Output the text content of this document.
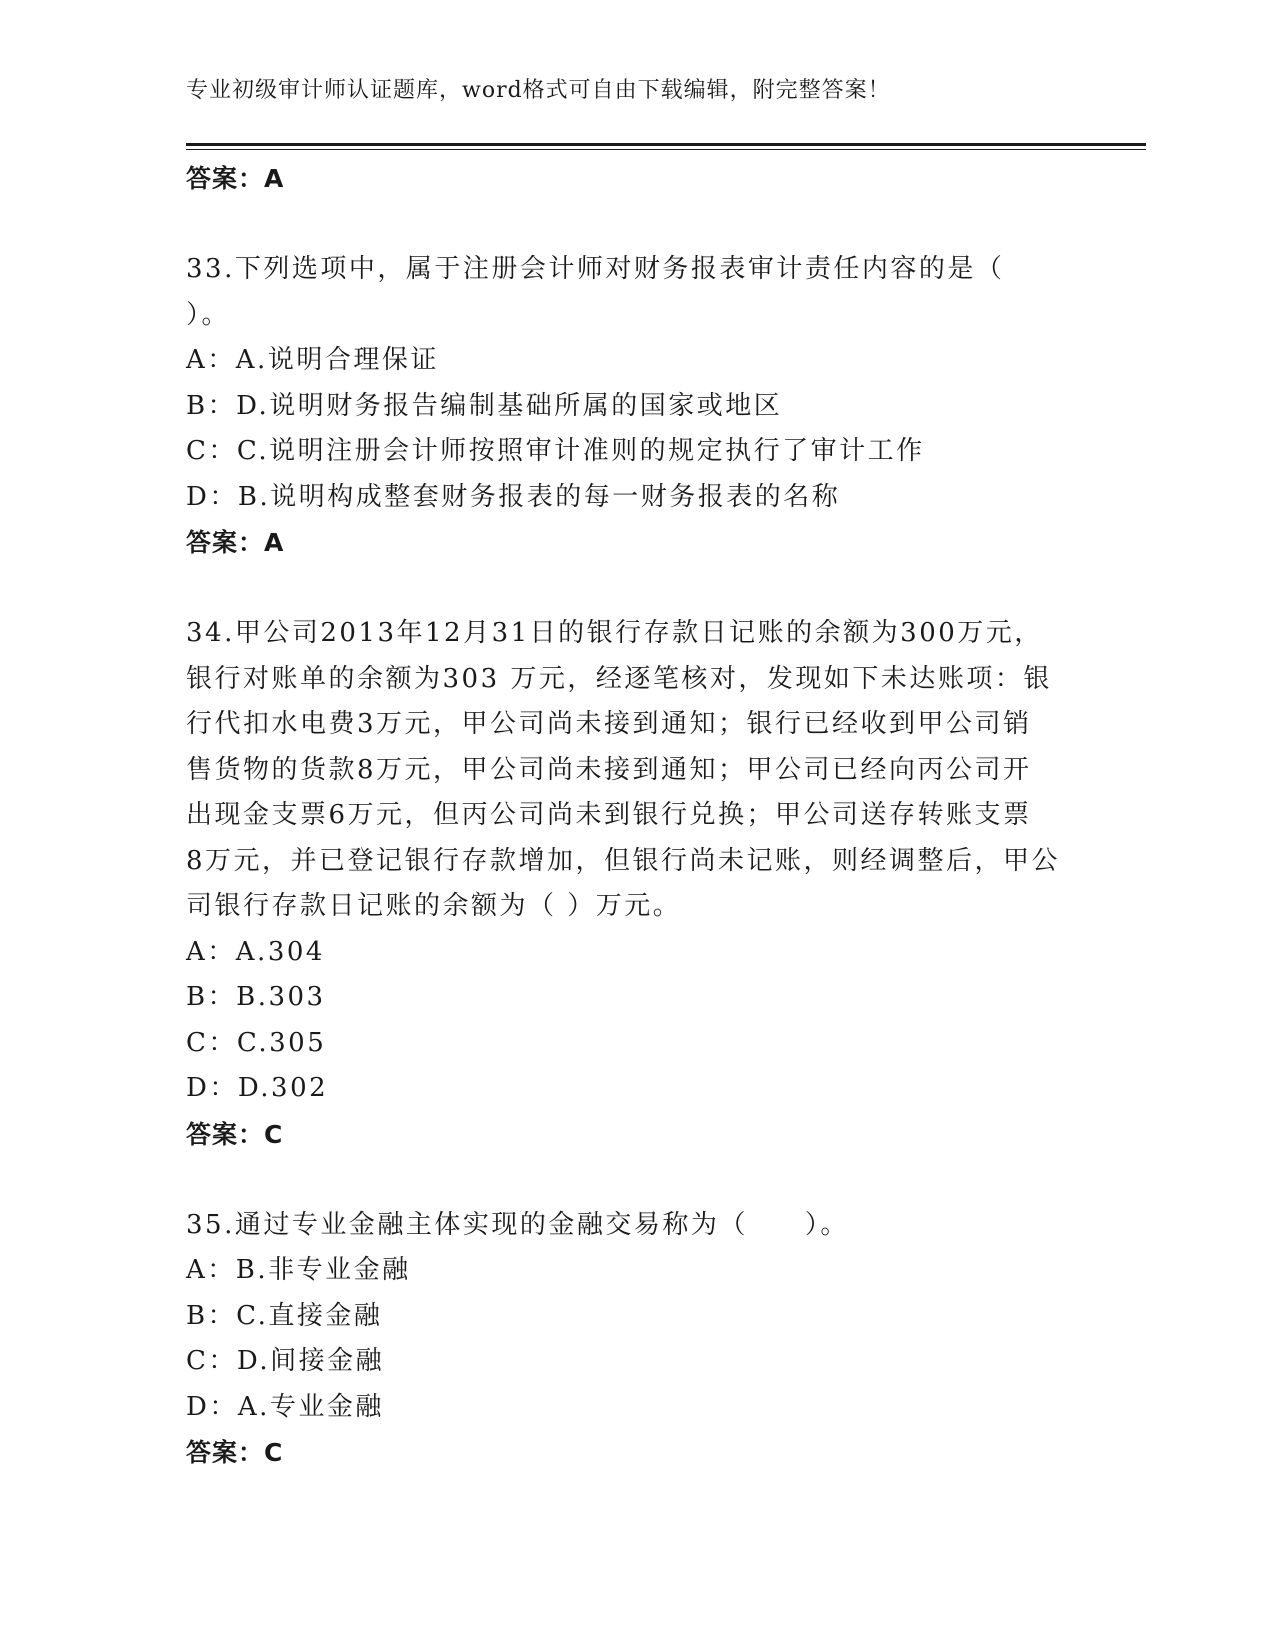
专业初级审计师认证题库，word格式可自由下载编辑，附完整答案！
答案：A
33.下列选项中，属于注册会计师对财务报表审计责任内容的是（
）。
A：A.说明合理保证
B：D.说明财务报告编制基础所属的国家或地区
C：C.说明注册会计师按照审计准则的规定执行了审计工作
D：B.说明构成整套财务报表的每一财务报表的名称
答案：A
34.甲公司2013年12月31日的银行存款日记账的余额为300万元，
银行对账单的余额为303 万元，经逐笔核对，发现如下未达账项：银
行代扣水电费3万元，甲公司尚未接到通知；银行已经收到甲公司销
售货物的货款8万元，甲公司尚未接到通知；甲公司已经向丙公司开
出现金支票6万元，但丙公司尚未到银行兑换；甲公司送存转账支票
8万元，并已登记银行存款增加，但银行尚未记账，则经调整后，甲公
司银行存款日记账的余额为（ ）万元。
A：A.304
B：B.303
C：C.305
D：D.302
答案：C
35.通过专业金融主体实现的金融交易称为（　　）。
A：B.非专业金融
B：C.直接金融
C：D.间接金融
D：A.专业金融
答案：C
